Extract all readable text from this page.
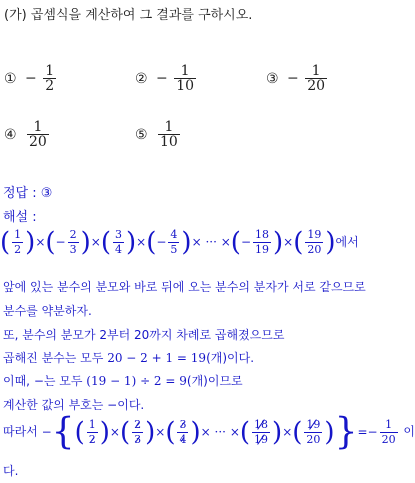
(가) 곱셈식을 계산하여 그 결과를 구하시오.
① − $\frac{1}{2}$	② − $\frac{1}{10}$	③ − $\frac{1}{20}$
④ $\frac{1}{20}$	⑤ $\frac{1}{10}$
정답 : ③
해설 :
( $\frac{1}{2}$ )×(− $\frac{2}{3}$ )×( $\frac{3}{4}$ )×(− $\frac{4}{5}$ )× ··· ×(− $\frac{18}{19}$ )×( $\frac{19}{20}$ )에서
앞에 있는 분수의 분모와 바로 뒤에 오는 분수의 분자가 서로 같으므로
분수를 약분하자.
또, 분수의 분모가 2부터 20까지 차례로 곱해졌으므로
곱해진 분수는 모두 20 − 2 + 1 = 19(개)이다.
이때, −는 모두 (19 − 1) ÷ 2 = 9(개)이므로
계산한 값의 부호는 −이다.
따라서 −{( $\frac{1}{2}$ )×( $\frac{2}{3}$ )×( $\frac{3}{4}$ )× ··· ×( $\frac{18}{19}$ )×( $\frac{19}{20}$ )}=− $\frac{1}{20}$ 이
다.
